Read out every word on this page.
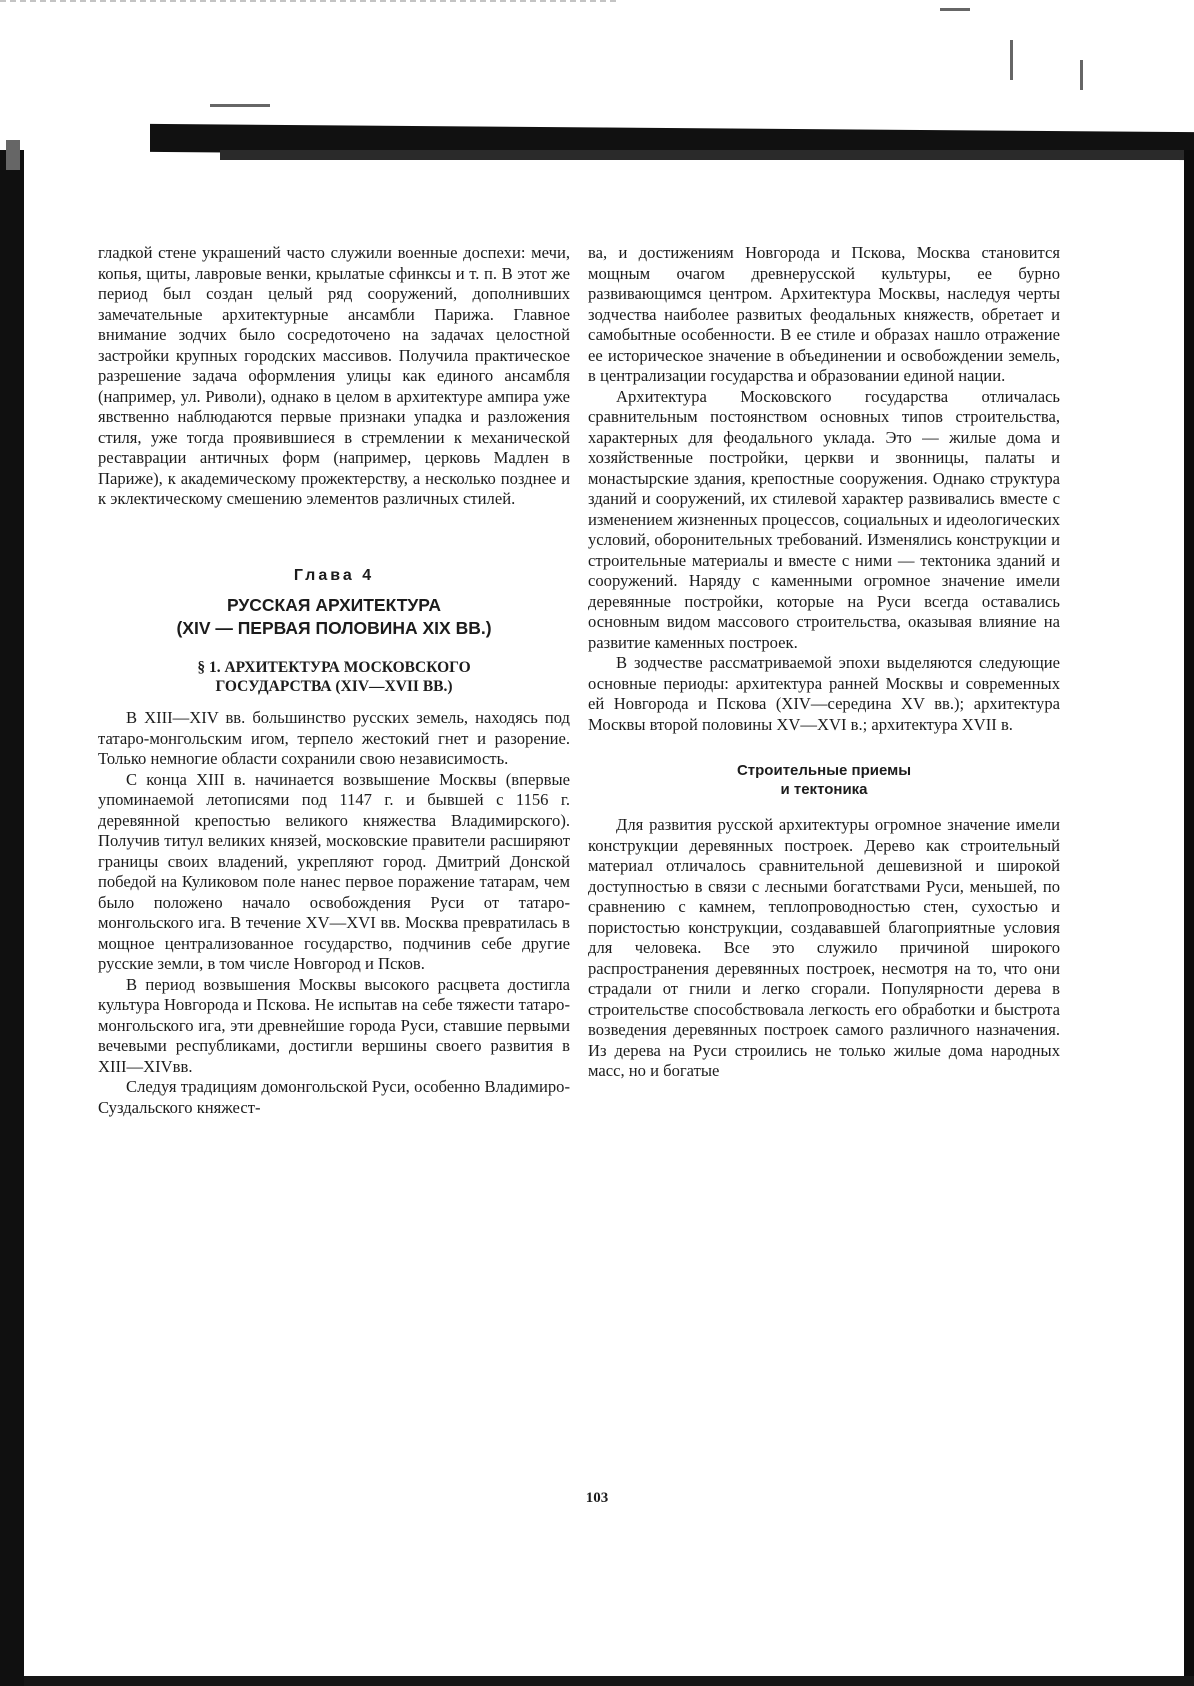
гладкой стене украшений часто служили военные доспехи: мечи, копья, щиты, лавровые венки, крылатые сфинксы и т. п. В этот же период был создан целый ряд сооружений, дополнивших замечательные архитектурные ансамбли Парижа. Главное внимание зодчих было сосредоточено на задачах целостной застройки крупных городских массивов. Получила практическое разрешение задача оформления улицы как единого ансамбля (например, ул. Риволи), однако в целом в архитектуре ампира уже явственно наблюдаются первые признаки упадка и разложения стиля, уже тогда проявившиеся в стремлении к механической реставрации античных форм (например, церковь Мадлен в Париже), к академическому прожектерству, а несколько позднее и к эклектическому смешению элементов различных стилей.

Глава 4
РУССКАЯ АРХИТЕКТУРА
(XIV — ПЕРВАЯ ПОЛОВИНА XIX ВВ.)
§ 1. АРХИТЕКТУРА МОСКОВСКОГО
ГОСУДАРСТВА (XIV—XVII ВВ.)

В XIII—XIV вв. большинство русских земель, находясь под татаро-монгольским игом, терпело жестокий гнет и разорение. Только немногие области сохранили свою независимость.

С конца XIII в. начинается возвышение Москвы (впервые упоминаемой летописями под 1147 г. и бывшей с 1156 г. деревянной крепостью великого княжества Владимирского). Получив титул великих князей, московские правители расширяют границы своих владений, укрепляют город. Дмитрий Донской победой на Куликовом поле нанес первое поражение татарам, чем было положено начало освобождения Руси от татаро-монгольского ига. В течение XV—XVI вв. Москва превратилась в мощное централизованное государство, подчинив себе другие русские земли, в том числе Новгород и Псков.

В период возвышения Москвы высокого расцвета достигла культура Новгорода и Пскова. Не испытав на себе тяжести татаро-монгольского ига, эти древнейшие города Руси, ставшие первыми вечевыми республиками, достигли вершины своего развития в XIII—XIVвв.

Следуя традициям домонгольской Руси, особенно Владимиро-Суздальского княжест-

ва, и достижениям Новгорода и Пскова, Москва становится мощным очагом древнерусской культуры, ее бурно развивающимся центром. Архитектура Москвы, наследуя черты зодчества наиболее развитых феодальных княжеств, обретает и самобытные особенности. В ее стиле и образах нашло отражение ее историческое значение в объединении и освобождении земель, в централизации государства и образовании единой нации.

Архитектура Московского государства отличалась сравнительным постоянством основных типов строительства, характерных для феодального уклада. Это — жилые дома и хозяйственные постройки, церкви и звонницы, палаты и монастырские здания, крепостные сооружения. Однако структура зданий и сооружений, их стилевой характер развивались вместе с изменением жизненных процессов, социальных и идеологических условий, оборонительных требований. Изменялись конструкции и строительные материалы и вместе с ними — тектоника зданий и сооружений. Наряду с каменными огромное значение имели деревянные постройки, которые на Руси всегда оставались основным видом массового строительства, оказывая влияние на развитие каменных построек.

В зодчестве рассматриваемой эпохи выделяются следующие основные периоды: архитектура ранней Москвы и современных ей Новгорода и Пскова (XIV—середина XV вв.); архитектура Москвы второй половины XV—XVI в.; архитектура XVII в.

Строительные приемы
и тектоника

Для развития русской архитектуры огромное значение имели конструкции деревянных построек. Дерево как строительный материал отличалось сравнительной дешевизной и широкой доступностью в связи с лесными богатствами Руси, меньшей, по сравнению с камнем, теплопроводностью стен, сухостью и пористостью конструкции, создававшей благоприятные условия для человека. Все это служило причиной широкого распространения деревянных построек, несмотря на то, что они страдали от гнили и легко сгорали. Популярности дерева в строительстве способствовала легкость его обработки и быстрота возведения деревянных построек самого различного назначения. Из дерева на Руси строились не только жилые дома народных масс, но и богатые

103
